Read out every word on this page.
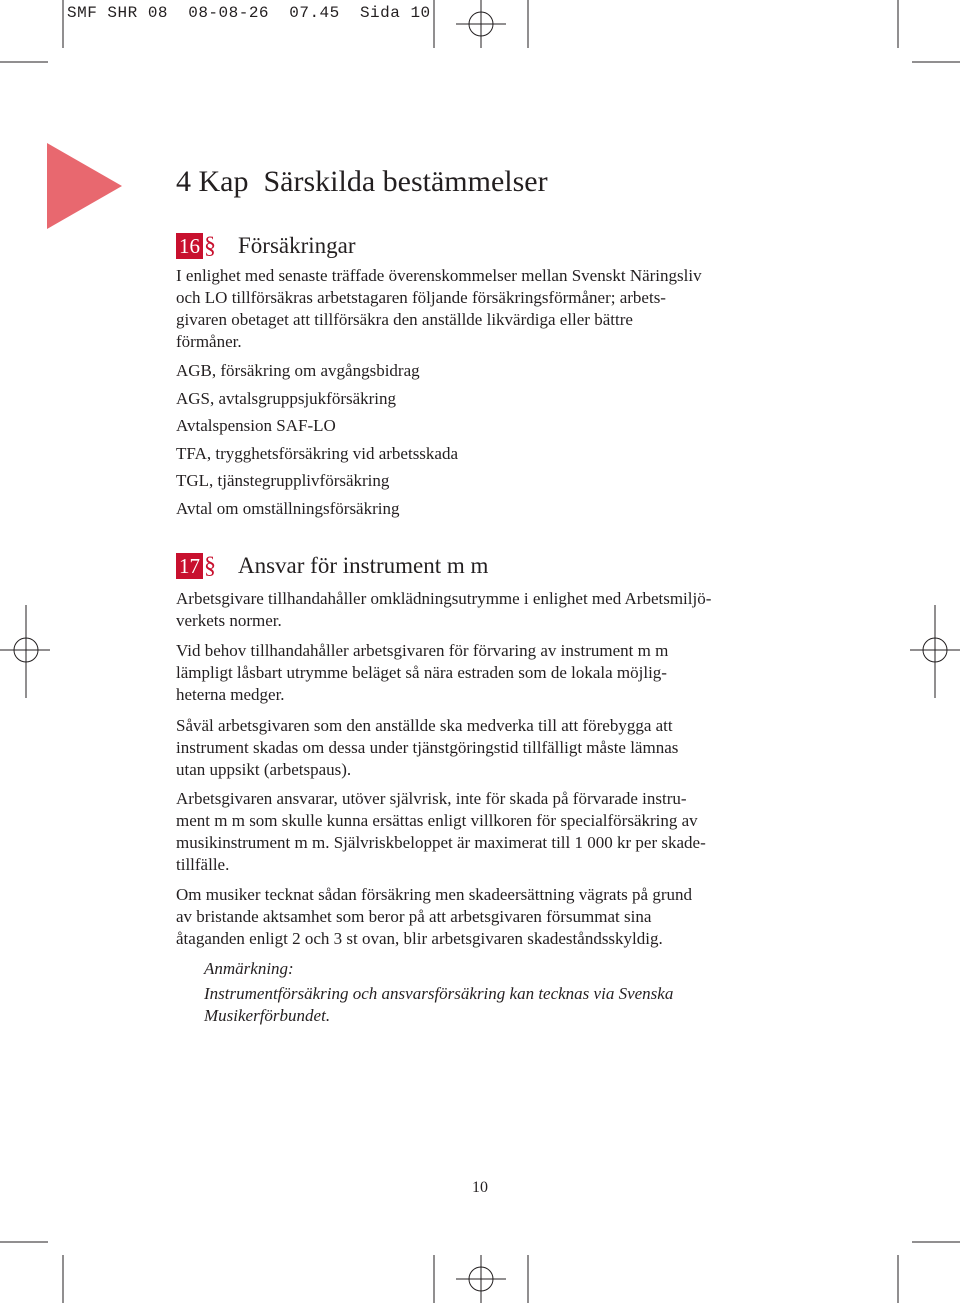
SMF SHR 08  08-08-26  07.45  Sida 10
4 Kap  Särskilda bestämmelser
16 § Försäkringar
I enlighet med senaste träffade överenskommelser mellan Svenskt Näringsliv
och LO tillförsäkras arbetstagaren följande försäkringsförmåner; arbets-
givaren obetaget att tillförsäkra den anställde likvärdiga eller bättre
förmåner.
AGB, försäkring om avgångsbidrag
AGS, avtalsgruppsjukförsäkring
Avtalspension SAF-LO
TFA, trygghetsförsäkring vid arbetsskada
TGL, tjänstegrupplivförsäkring
Avtal om omställningsförsäkring
17 § Ansvar för instrument m m
Arbetsgivare tillhandahåller omklädningsutrymme i enlighet med Arbetsmiljö-
verkets normer.
Vid behov tillhandahåller arbetsgivaren för förvaring av instrument m m
lämpligt låsbart utrymme beläget så nära estraden som de lokala möjlig-
heterna medger.
Såväl arbetsgivaren som den anställde ska medverka till att förebygga att
instrument skadas om dessa under tjänstgöringstid tillfälligt måste lämnas
utan uppsikt (arbetspaus).
Arbetsgivaren ansvarar, utöver självrisk, inte för skada på förvarade instru-
ment m m som skulle kunna ersättas enligt villkoren för specialförsäkring av
musikinstrument m m. Självriskbeloppet är maximerat till 1 000 kr per skade-
tillfälle.
Om musiker tecknat sådan försäkring men skadeersättning vägrats på grund
av bristande aktsamhet som beror på att arbetsgivaren försummat sina
åtaganden enligt 2 och 3 st ovan, blir arbetsgivaren skadeståndsskyldig.
Anmärkning:
Instrumentförsäkring och ansvarsförsäkring kan tecknas via Svenska
Musikerförbundet.
10
